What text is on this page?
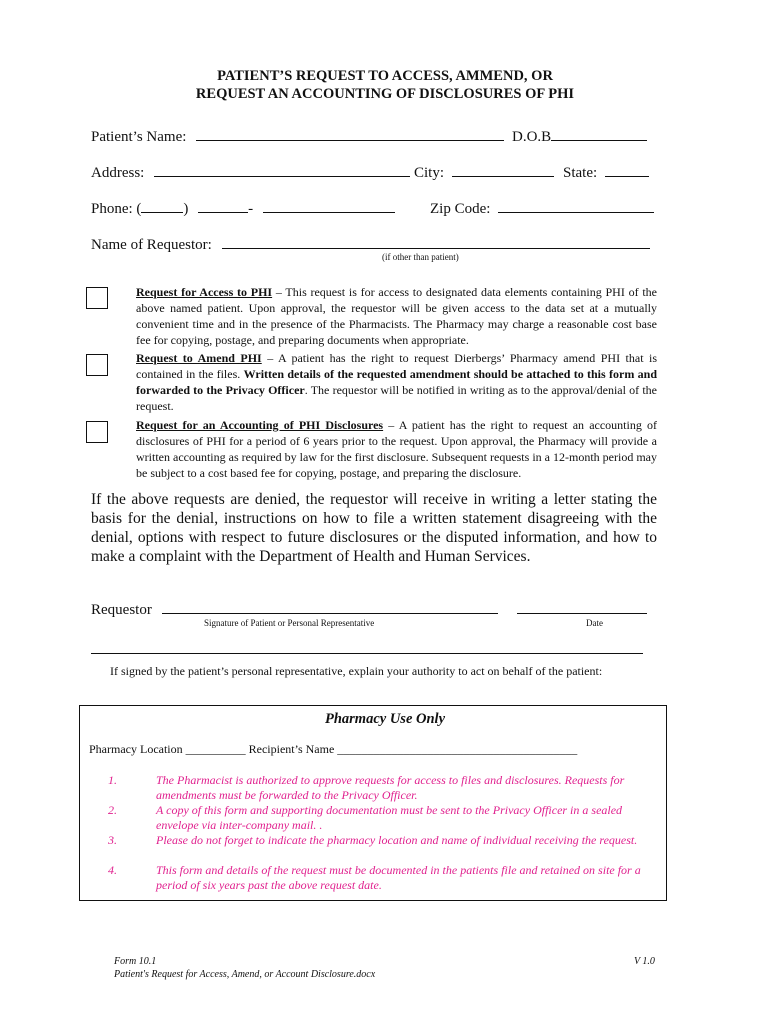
PATIENT’S REQUEST TO ACCESS, AMMEND, OR
REQUEST AN ACCOUNTING OF DISCLOSURES OF PHI
Patient’s Name:	D.O.B
Address:	City:	State:
Phone: (	)	-	Zip Code:
Name of Requestor:
(if other than patient)
Request for Access to PHI – This request is for access to designated data elements containing PHI of the above named patient. Upon approval, the requestor will be given access to the data set at a mutually convenient time and in the presence of the Pharmacists. The Pharmacy may charge a reasonable cost base fee for copying, postage, and preparing documents when appropriate.
Request to Amend PHI – A patient has the right to request Dierbergs’ Pharmacy amend PHI that is contained in the files. Written details of the requested amendment should be attached to this form and forwarded to the Privacy Officer. The requestor will be notified in writing as to the approval/denial of the request.
Request for an Accounting of PHI Disclosures – A patient has the right to request an accounting of disclosures of PHI for a period of 6 years prior to the request. Upon approval, the Pharmacy will provide a written accounting as required by law for the first disclosure. Subsequent requests in a 12-month period may be subject to a cost based fee for copying, postage, and preparing the disclosure.
If the above requests are denied, the requestor will receive in writing a letter stating the basis for the denial, instructions on how to file a written statement disagreeing with the denial, options with respect to future disclosures or the disputed information, and how to make a complaint with the Department of Health and Human Services.
Requestor
Signature of Patient or Personal Representative	Date
If signed by the patient’s personal representative, explain your authority to act on behalf of the patient:
Pharmacy Use Only
Pharmacy Location __________ Recipient’s Name ________________________________________
1.	The Pharmacist is authorized to approve requests for access to files and disclosures. Requests for amendments must be forwarded to the Privacy Officer.
2.	A copy of this form and supporting documentation must be sent to the Privacy Officer in a sealed envelope via inter-company mail. .
3.	Please do not forget to indicate the pharmacy location and name of individual receiving the request.
4.	This form and details of the request must be documented in the patients file and retained on site for a period of six years past the above request date.
Form 10.1
Patient's Request for Access, Amend, or Account Disclosure.docx
V 1.0
